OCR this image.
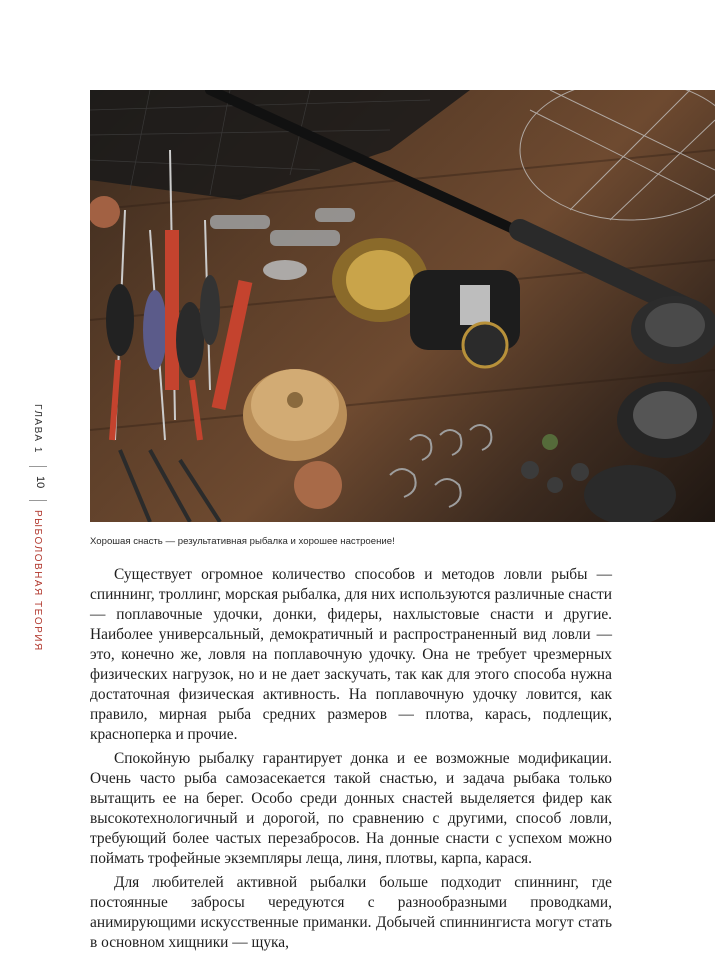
Хорошая снасть — результативная рыбалка и хорошее настроение!
ГЛАВА 1
10
РЫБОЛОВНАЯ ТЕОРИЯ	Существует огромное количество способов и методов ловли рыбы — спиннинг, троллинг, морская рыбалка, для них используются различные снасти — поплавочные удочки, донки, фидеры, нахлыстовые снасти и другие. Наиболее универсальный, демократичный и распространенный вид ловли — это, конечно же, ловля на поплавочную удочку. Она не требует чрезмерных физических нагрузок, но и не дает заскучать, так как для этого способа нужна достаточная физическая активность. На поплавочную удочку ловится, как правило, мирная рыба средних размеров — плотва, карась, подлещик, красноперка и прочие.

Спокойную рыбалку гарантирует донка и ее возможные модификации. Очень часто рыба самозасекается такой снастью, и задача рыбака только вытащить ее на берег. Особо среди донных снастей выделяется фидер как высокотехнологичный и дорогой, по сравнению с другими, способ ловли, требующий более частых перезабросов. На донные снасти с успехом можно поймать трофейные экземпляры леща, линя, плотвы, карпа, карася.

Для любителей активной рыбалки больше подходит спиннинг, где постоянные забросы чередуются с разнообразными проводками, анимирующими искусственные приманки. Добычей спиннингиста могут стать в основном хищники — щука,
